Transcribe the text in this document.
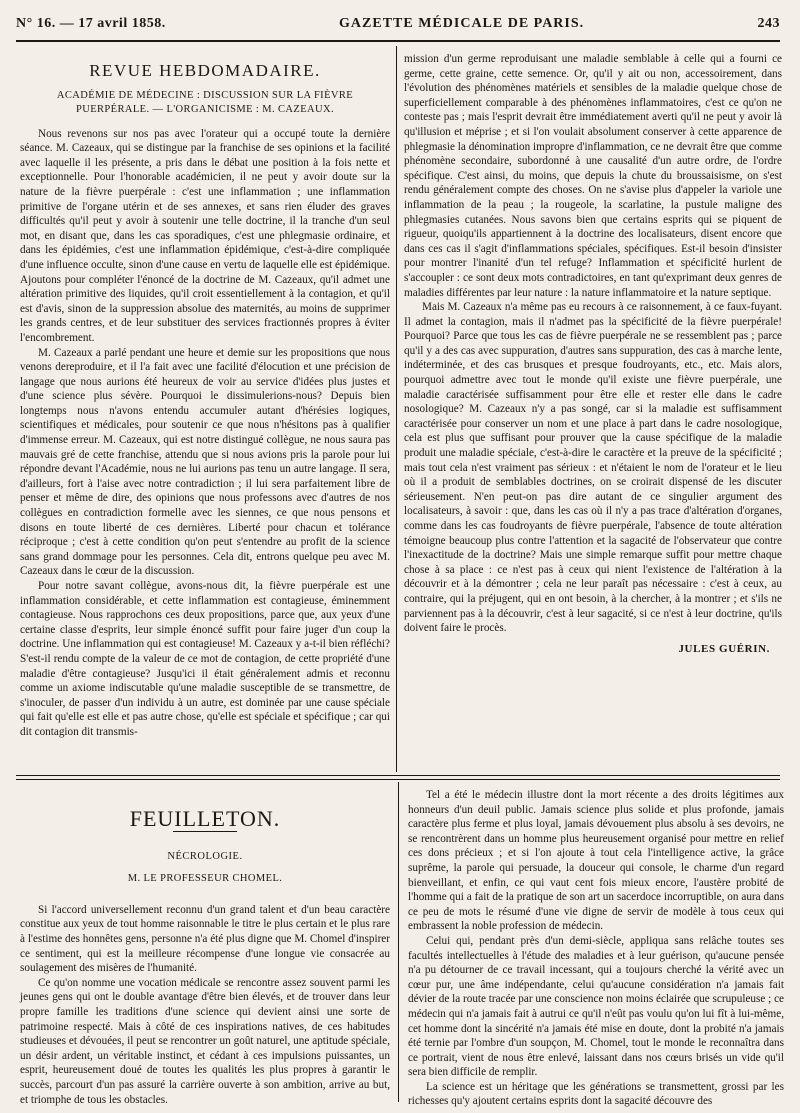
N° 16. — 17 avril 1858.	GAZETTE MÉDICALE DE PARIS.	243
REVUE HEBDOMADAIRE.
ACADÉMIE DE MÉDECINE : DISCUSSION SUR LA FIÈVRE
PUERPÉRALE. — L'ORGANICISME : M. CAZEAUX.

Nous revenons sur nos pas avec l'orateur qui a occupé toute la dernière séance. M. Cazeaux, qui se distingue par la franchise de ses opinions et la facilité avec laquelle il les présente, a pris dans le débat une position à la fois nette et exceptionnelle. Pour l'honorable académicien, il ne peut y avoir doute sur la nature de la fièvre puerpérale : c'est une inflammation ; une inflammation primitive de l'organe utérin et de ses annexes, et sans rien éluder des graves difficultés qu'il peut y avoir à soutenir une telle doctrine, il la tranche d'un seul mot, en disant que, dans les cas sporadiques, c'est une phlegmasie ordinaire, et dans les épidémies, c'est une inflammation épidémique, c'est-à-dire compliquée d'une influence occulte, sinon d'une cause en vertu de laquelle elle est épidémique. Ajoutons pour compléter l'énoncé de la doctrine de M. Cazeaux, qu'il admet une altération primitive des liquides, qu'il croit essentiellement à la contagion, et qu'il est d'avis, sinon de la suppression absolue des maternités, au moins de supprimer les grands centres, et de leur substituer des services fractionnés propres à éviter l'encombrement.

M. Cazeaux a parlé pendant une heure et demie sur les propositions que nous venons dereproduire, et il l'a fait avec une facilité d'élocution et une précision de langage que nous aurions été heureux de voir au service d'idées plus justes et d'une science plus sévère. Pourquoi le dissimulerions-nous? Depuis bien longtemps nous n'avons entendu accumuler autant d'hérésies logiques, scientifiques et médicales, pour soutenir ce que nous n'hésitons pas à qualifier d'immense erreur. M. Cazeaux, qui est notre distingué collègue, ne nous saura pas mauvais gré de cette franchise, attendu que si nous avions pris la parole pour lui répondre devant l'Académie, nous ne lui aurions pas tenu un autre langage. Il sera, d'ailleurs, fort à l'aise avec notre contradiction ; il lui sera parfaitement libre de penser et même de dire, des opinions que nous professons avec d'autres de nos collègues en contradiction formelle avec les siennes, ce que nous pensons et disons en toute liberté de ces dernières. Liberté pour chacun et tolérance réciproque ; c'est à cette condition qu'on peut s'entendre au profit de la science sans grand dommage pour les personnes. Cela dit, entrons quelque peu avec M. Cazeaux dans le cœur de la discussion.

Pour notre savant collègue, avons-nous dit, la fièvre puerpérale est une inflammation considérable, et cette inflammation est contagieuse, éminemment contagieuse. Nous rapprochons ces deux propositions, parce que, aux yeux d'une certaine classe d'esprits, leur simple énoncé suffit pour faire juger d'un coup la doctrine. Une inflammation qui est contagieuse! M. Cazeaux y a-t-il bien réfléchi? S'est-il rendu compte de la valeur de ce mot de contagion, de cette propriété d'une maladie d'être contagieuse? Jusqu'ici il était généralement admis et reconnu comme un axiome indiscutable qu'une maladie susceptible de se transmettre, de s'inoculer, de passer d'un individu à un autre, est dominée par une cause spéciale qui fait qu'elle est elle et pas autre chose, qu'elle est spéciale et spécifique ; car qui dit contagion dit transmis-

mission d'un germe reproduisant une maladie semblable à celle qui a fourni ce germe, cette graine, cette semence. Or, qu'il y ait ou non, accessoirement, dans l'évolution des phénomènes matériels et sensibles de la maladie quelque chose de superficiellement comparable à des phénomènes inflammatoires, c'est ce qu'on ne conteste pas ; mais l'esprit devrait être immédiatement averti qu'il ne peut y avoir là qu'illusion et méprise ; et si l'on voulait absolument conserver à cette apparence de phlegmasie la dénomination impropre d'inflammation, ce ne devrait être que comme phénomène secondaire, subordonné à une causalité d'un autre ordre, de l'ordre spécifique. C'est ainsi, du moins, que depuis la chute du broussaisisme, on s'est rendu généralement compte des choses. On ne s'avise plus d'appeler la variole une inflammation de la peau ; la rougeole, la scarlatine, la pustule maligne des phlegmasies cutanées. Nous savons bien que certains esprits qui se piquent de rigueur, quoiqu'ils appartiennent à la doctrine des localisateurs, disent encore que dans ces cas il s'agit d'inflammations spéciales, spécifiques. Est-il besoin d'insister pour montrer l'inanité d'un tel refuge? Inflammation et spécificité hurlent de s'accoupler : ce sont deux mots contradictoires, en tant qu'exprimant deux genres de maladies différentes par leur nature : la nature inflammatoire et la nature septique.

Mais M. Cazeaux n'a même pas eu recours à ce raisonnement, à ce faux-fuyant. Il admet la contagion, mais il n'admet pas la spécificité de la fièvre puerpérale! Pourquoi? Parce que tous les cas de fièvre puerpérale ne se ressemblent pas ; parce qu'il y a des cas avec suppuration, d'autres sans suppuration, des cas à marche lente, indéterminée, et des cas brusques et presque foudroyants, etc., etc. Mais alors, pourquoi admettre avec tout le monde qu'il existe une fièvre puerpérale, une maladie caractérisée suffisamment pour être elle et rester elle dans le cadre nosologique? M. Cazeaux n'y a pas songé, car si la maladie est suffisamment caractérisée pour conserver un nom et une place à part dans le cadre nosologique, cela est plus que suffisant pour prouver que la cause spécifique de la maladie produit une maladie spéciale, c'est-à-dire le caractère et la preuve de la spécificité ; mais tout cela n'est vraiment pas sérieux : et n'étaient le nom de l'orateur et le lieu où il a produit de semblables doctrines, on se croirait dispensé de les discuter sérieusement. N'en peut-on pas dire autant de ce singulier argument des localisateurs, à savoir : que, dans les cas où il n'y a pas trace d'altération d'organes, comme dans les cas foudroyants de fièvre puerpérale, l'absence de toute altération témoigne beaucoup plus contre l'attention et la sagacité de l'observateur que contre l'inexactitude de la doctrine? Mais une simple remarque suffit pour mettre chaque chose à sa place : ce n'est pas à ceux qui nient l'existence de l'altération à la découvrir et à la démontrer ; cela ne leur paraît pas nécessaire : c'est à ceux, au contraire, qui la préjugent, qui en ont besoin, à la chercher, à la montrer ; et s'ils ne parviennent pas à la découvrir, c'est à leur sagacité, si ce n'est à leur doctrine, qu'ils doivent faire le procès.

JULES GUÉRIN.
FEUILLETON.
NÉCROLOGIE.
M. LE PROFESSEUR CHOMEL.

Si l'accord universellement reconnu d'un grand talent et d'un beau caractère constitue aux yeux de tout homme raisonnable le titre le plus certain et le plus rare à l'estime des honnêtes gens, personne n'a été plus digne que M. Chomel d'inspirer ce sentiment, qui est la meilleure récompense d'une longue vie consacrée au soulagement des misères de l'humanité.

Ce qu'on nomme une vocation médicale se rencontre assez souvent parmi les jeunes gens qui ont le double avantage d'être bien élevés, et de trouver dans leur propre famille les traditions d'une science qui devient ainsi une sorte de patrimoine respecté. Mais à côté de ces inspirations natives, de ces habitudes studieuses et dévouées, il peut se rencontrer un goût naturel, une aptitude spéciale, un désir ardent, un véritable instinct, et cédant à ces impulsions puissantes, un esprit, heureusement doué de toutes les qualités les plus propres à garantir le succès, parcourt d'un pas assuré la carrière ouverte à son ambition, arrive au but, et triomphe de tous les obstacles.

Tel a été le médecin illustre dont la mort récente a des droits légitimes aux honneurs d'un deuil public. Jamais science plus solide et plus profonde, jamais caractère plus ferme et plus loyal, jamais dévouement plus absolu à ses devoirs, ne se rencontrèrent dans un homme plus heureusement organisé pour mettre en relief ces dons précieux ; et si l'on ajoute à tout cela l'intelligence active, la grâce suprême, la parole qui persuade, la douceur qui console, le charme d'un regard bienveillant, et enfin, ce qui vaut cent fois mieux encore, l'austère probité de l'homme qui a fait de la pratique de son art un sacerdoce incorruptible, on aura dans ce peu de mots le résumé d'une vie digne de servir de modèle à tous ceux qui embrassent la noble profession de médecin.

Celui qui, pendant près d'un demi-siècle, appliqua sans relâche toutes ses facultés intellectuelles à l'étude des maladies et à leur guérison, qu'aucune pensée n'a pu détourner de ce travail incessant, qui a toujours cherché la vérité avec un cœur pur, une âme indépendante, celui qu'aucune considération n'a jamais fait dévier de la route tracée par une conscience non moins éclairée que scrupuleuse ; ce médecin qui n'a jamais fait à autrui ce qu'il n'eût pas voulu qu'on lui fît à lui-même, cet homme dont la sincérité n'a jamais été mise en doute, dont la probité n'a jamais été ternie par l'ombre d'un soupçon, M. Chomel, tout le monde le reconnaîtra dans ce portrait, vient de nous être enlevé, laissant dans nos cœurs brisés un vide qu'il sera bien difficile de remplir.

La science est un héritage que les générations se transmettent, grossi par les richesses qu'y ajoutent certains esprits dont la sagacité découvre des
